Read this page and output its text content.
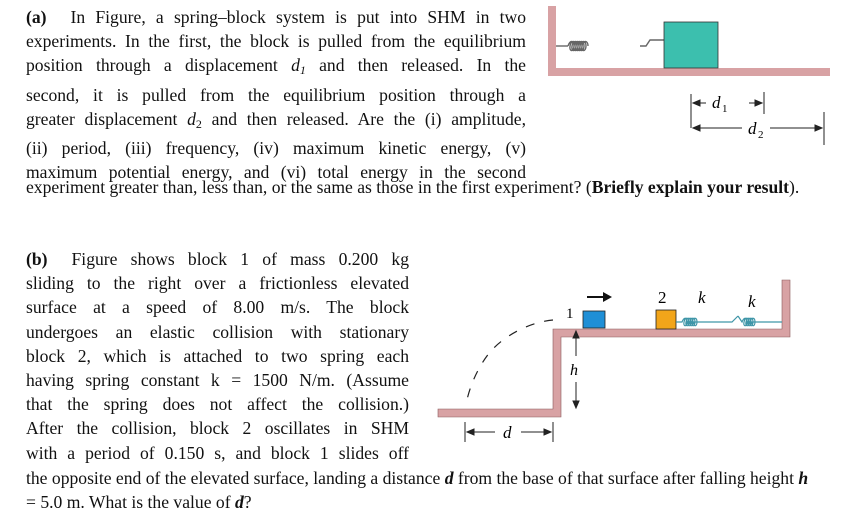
(a) In Figure, a spring–block system is put into SHM in two
experiments. In the first, the block is pulled from the equilibrium
position through a displacement d1 and then released. In the
second, it is pulled from the equilibrium position through a
greater displacement d2 and then released. Are the (i) amplitude,
(ii) period, (iii) frequency, (iv) maximum kinetic energy, (v)
maximum potential energy, and (vi) total energy in the second
experiment greater than, less than, or the same as those in the first experiment? (Briefly explain your result).
d 1
d 2
(b) Figure shows block 1 of mass 0.200 kg
sliding to the right over a frictionless elevated
surface at a speed of 8.00 m/s. The block
undergoes an elastic collision with stationary
block 2, which is attached to two spring each
having spring constant k = 1500 N/m. (Assume
that the spring does not affect the collision.)
After the collision, block 2 oscillates in SHM
with a period of 0.150 s, and block 1 slides off
the opposite end of the elevated surface, landing a distance d from the base of that surface after falling height h = 5.0 m. What is the value of d?
1
2 k k
h
d
